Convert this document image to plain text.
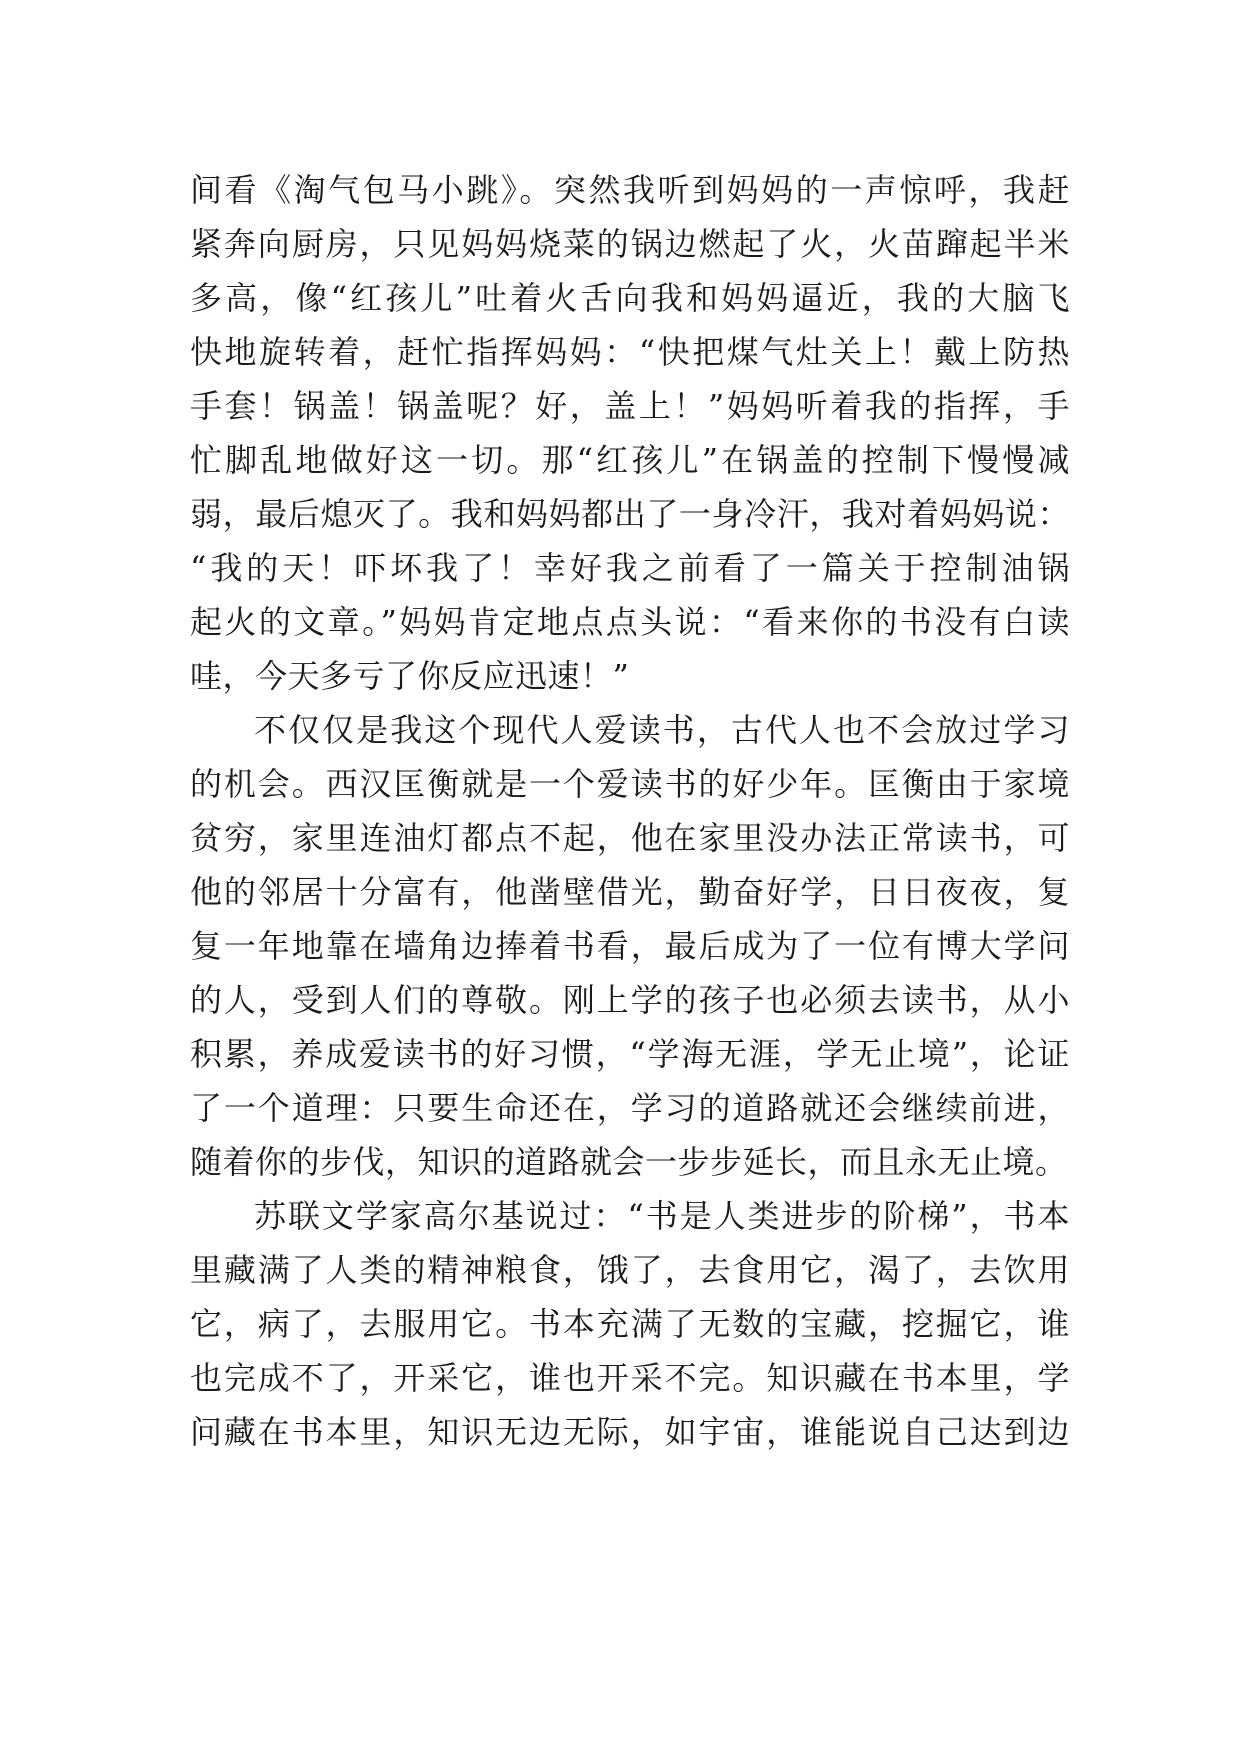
间看《淘气包马小跳》。突然我听到妈妈的一声惊呼，我赶
紧奔向厨房，只见妈妈烧菜的锅边燃起了火，火苗蹿起半米
多高，像“红孩儿”吐着火舌向我和妈妈逼近，我的大脑飞
快地旋转着，赶忙指挥妈妈：“快把煤气灶关上！戴上防热
手套！锅盖！锅盖呢？好，盖上！”妈妈听着我的指挥，手
忙脚乱地做好这一切。那“红孩儿”在锅盖的控制下慢慢减
弱，最后熄灭了。我和妈妈都出了一身冷汗，我对着妈妈说：
“我的天！吓坏我了！幸好我之前看了一篇关于控制油锅
起火的文章。”妈妈肯定地点点头说：“看来你的书没有白读
哇，今天多亏了你反应迅速！”
不仅仅是我这个现代人爱读书，古代人也不会放过学习
的机会。西汉匡衡就是一个爱读书的好少年。匡衡由于家境
贫穷，家里连油灯都点不起，他在家里没办法正常读书，可
他的邻居十分富有，他凿壁借光，勤奋好学，日日夜夜，复
复一年地靠在墙角边捧着书看，最后成为了一位有博大学问
的人，受到人们的尊敬。刚上学的孩子也必须去读书，从小
积累，养成爱读书的好习惯，“学海无涯，学无止境”，论证
了一个道理：只要生命还在，学习的道路就还会继续前进，
随着你的步伐，知识的道路就会一步步延长，而且永无止境。
苏联文学家高尔基说过：“书是人类进步的阶梯”，书本
里藏满了人类的精神粮食，饿了，去食用它，渴了，去饮用
它，病了，去服用它。书本充满了无数的宝藏，挖掘它，谁
也完成不了，开采它，谁也开采不完。知识藏在书本里，学
问藏在书本里，知识无边无际，如宇宙，谁能说自己达到边
